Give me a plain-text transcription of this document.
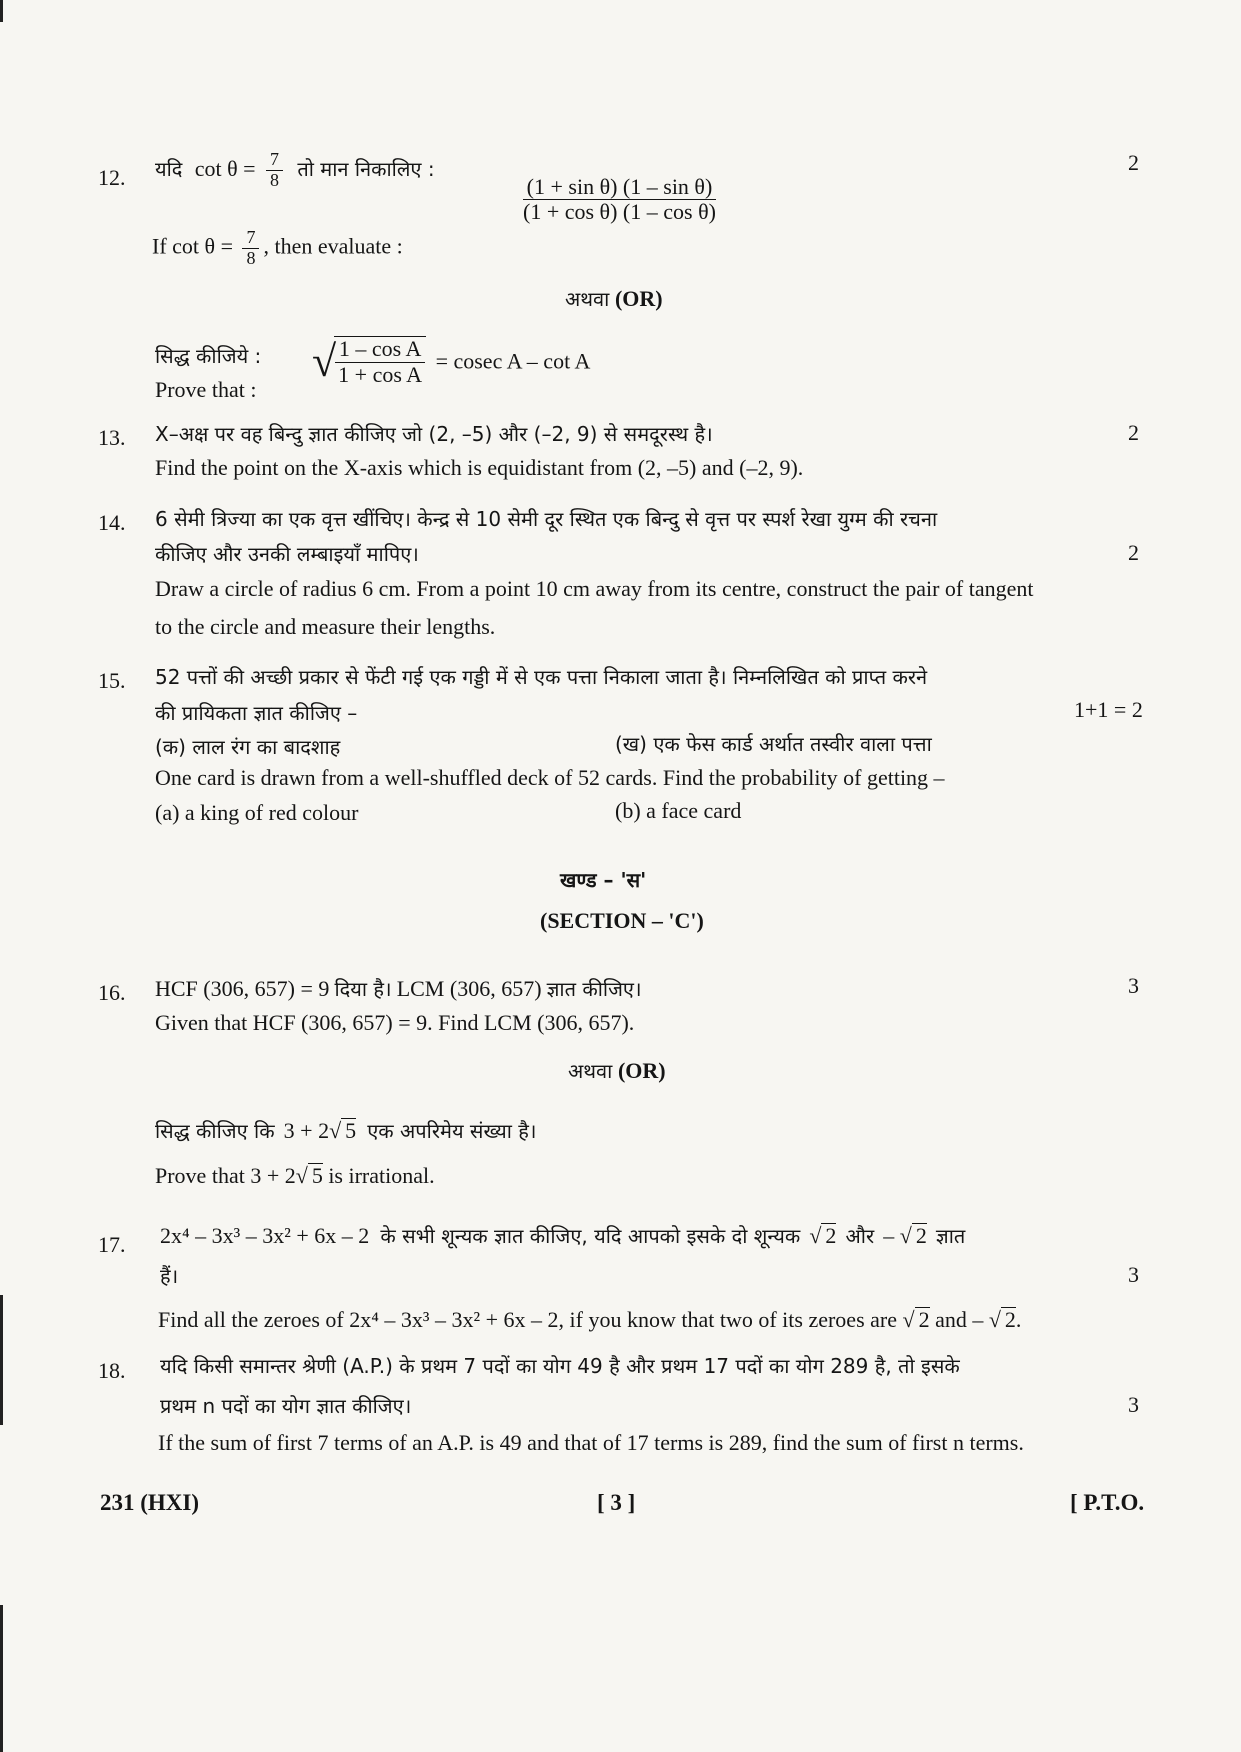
12. यदि $\cot \theta = \frac{7}{8}$ तो मान निकालिए :
$\frac{\text{(1 + sin θ) (1 – sin θ)}}{\text{(1 + cos θ) (1 – cos θ)}}$
If $\cot \theta = \frac{7}{8}$ , then evaluate :
2
अथवा (OR)
सिद्ध कीजिये :
Prove that :
√
$\frac{\text{1 – cos A}}{\text{1 + cos A}} = cosec$ A – cot A
13. X–अक्ष पर वह बिन्दु ज्ञात कीजिए जो (2, –5) और (–2, 9) से समदूरस्थ है।
Find the point on the X-axis which is equidistant from (2, –5) and (–2, 9).
2
14. 6 सेमी त्रिज्या का एक वृत्त खींचिए। केन्द्र से 10 सेमी दूर स्थित एक बिन्दु से वृत्त पर स्पर्श रेखा युग्म की रचना
कीजिए और उनकी लम्बाइयाँ मापिए।	2
Draw a circle of radius 6 cm. From a point 10 cm away from its centre, construct the pair of tangent
to the circle and measure their lengths.
15. 52 पत्तों की अच्छी प्रकार से फेंटी गई एक गड्डी में से एक पत्ता निकाला जाता है। निम्नलिखित को प्राप्त करने
की प्रायिकता ज्ञात कीजिए –	1+1 = 2
(क) लाल रंग का बादशाह	(ख) एक फेस कार्ड अर्थात तस्वीर वाला पत्ता
One card is drawn from a well-shuffled deck of 52 cards. Find the probability of getting –
(a) a king of red colour	(b) a face card
खण्ड – 'स'
(SECTION – 'C')
16. HCF (306, 657) = 9 दिया है। LCM (306, 657) ज्ञात कीजिए।
Given that HCF (306, 657) = 9. Find LCM (306, 657).
3
अथवा (OR)
सिद्ध कीजिए कि 3 + 2√ 5 एक अपरिमेय संख्या है।
Prove that 3 + 2√ 5 is irrational.
17. 2x⁴ – 3x³ – 3x² + 6x – 2 के सभी शून्यक ज्ञात कीजिए, यदि आपको इसके दो शून्यक √ 2 और – √ 2 ज्ञात
हैं।	3
Find all the zeroes of 2x⁴ – 3x³ – 3x² + 6x – 2, if you know that two of its zeroes are √ 2 and – √ 2.
18. यदि किसी समान्तर श्रेणी (A.P.) के प्रथम 7 पदों का योग 49 है और प्रथम 17 पदों का योग 289 है, तो इसके
प्रथम n पदों का योग ज्ञात कीजिए।	3
If the sum of first 7 terms of an A.P. is 49 and that of 17 terms is 289, find the sum of first n terms.
231 (HXI)	[ 3 ]	[ P.T.O.
